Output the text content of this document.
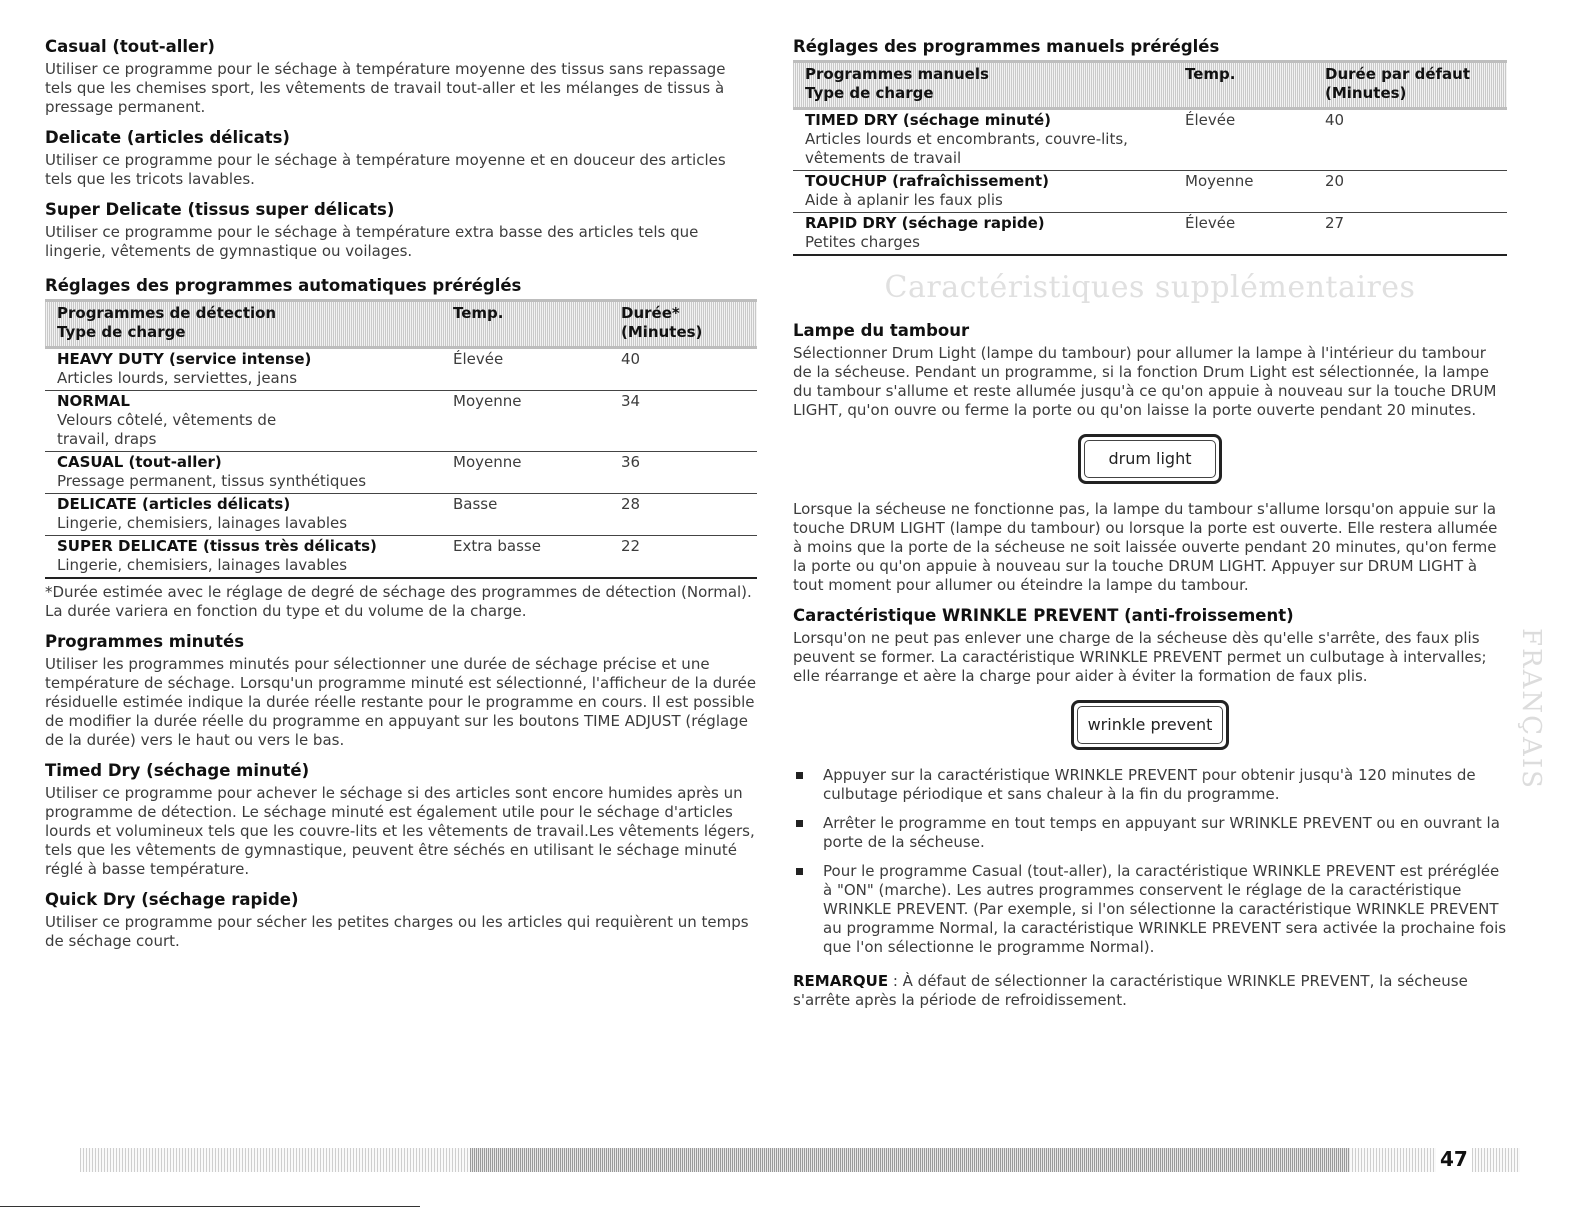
Casual (tout-aller)

Utiliser ce programme pour le séchage à température moyenne des tissus sans repassage tels que les chemises sport, les vêtements de travail tout-aller et les mélanges de tissus à pressage permanent.

Delicate (articles délicats)

Utiliser ce programme pour le séchage à température moyenne et en douceur des articles tels que les tricots lavables.

Super Delicate (tissus super délicats)

Utiliser ce programme pour le séchage à température extra basse des articles tels que lingerie, vêtements de gymnastique ou voilages.

Réglages des programmes automatiques préréglés
Programmes de détection
Type de charge
Temp.	Durée*
(Minutes)
HEAVY DUTY (service intense)
Articles lourds, serviettes, jeans
Élevée	40
NORMAL
Velours côtelé, vêtements de travail, draps
Moyenne	34
CASUAL (tout-aller)
Pressage permanent, tissus synthétiques
Moyenne	36
DELICATE (articles délicats)
Lingerie, chemisiers, lainages lavables
Basse	28
SUPER DELICATE (tissus très délicats)
Lingerie, chemisiers, lainages lavables
Extra basse	22

*Durée estimée avec le réglage de degré de séchage des programmes de détection (Normal). La durée variera en fonction du type et du volume de la charge.

Programmes minutés

Utiliser les programmes minutés pour sélectionner une durée de séchage précise et une température de séchage. Lorsqu'un programme minuté est sélectionné, l'afficheur de la durée résiduelle estimée indique la durée réelle restante pour le programme en cours. Il est possible de modifier la durée réelle du programme en appuyant sur les boutons TIME ADJUST (réglage de la durée) vers le haut ou vers le bas.

Timed Dry (séchage minuté)

Utiliser ce programme pour achever le séchage si des articles sont encore humides après un programme de détection. Le séchage minuté est également utile pour le séchage d'articles lourds et volumineux tels que les couvre-lits et les vêtements de travail.Les vêtements légers, tels que les vêtements de gymnastique, peuvent être séchés en utilisant le séchage minuté réglé à basse température.

Quick Dry (séchage rapide)

Utiliser ce programme pour sécher les petites charges ou les articles qui requièrent un temps de séchage court.

Réglages des programmes manuels préréglés
Programmes manuels
Type de charge
Temp.	Durée par défaut
(Minutes)
TIMED DRY (séchage minuté)
Articles lourds et encombrants, couvre-lits, vêtements de travail
Élevée	40
TOUCHUP (rafraîchissement)
Aide à aplanir les faux plis
Moyenne	20
RAPID DRY (séchage rapide)
Petites charges
Élevée	27
Caractéristiques supplémentaires
Lampe du tambour

Sélectionner Drum Light (lampe du tambour) pour allumer la lampe à l'intérieur du tambour de la sécheuse. Pendant un programme, si la fonction Drum Light est sélectionnée, la lampe du tambour s'allume et reste allumée jusqu'à ce qu'on appuie à nouveau sur la touche DRUM LIGHT, qu'on ouvre ou ferme la porte ou qu'on laisse la porte ouverte pendant 20 minutes.

drum light

Lorsque la sécheuse ne fonctionne pas, la lampe du tambour s'allume lorsqu'on appuie sur la touche DRUM LIGHT (lampe du tambour) ou lorsque la porte est ouverte. Elle restera allumée à moins que la porte de la sécheuse ne soit laissée ouverte pendant 20 minutes, qu'on ferme la porte ou qu'on appuie à nouveau sur la touche DRUM LIGHT. Appuyer sur DRUM LIGHT à tout moment pour allumer ou éteindre la lampe du tambour.

Caractéristique WRINKLE PREVENT (anti-froissement)

Lorsqu'on ne peut pas enlever une charge de la sécheuse dès qu'elle s'arrête, des faux plis peuvent se former. La caractéristique WRINKLE PREVENT permet un culbutage à intervalles; elle réarrange et aère la charge pour aider à éviter la formation de faux plis.

wrinkle prevent
Appuyer sur la caractéristique WRINKLE PREVENT pour obtenir jusqu'à 120 minutes de culbutage périodique et sans chaleur à la fin du programme.
Arrêter le programme en tout temps en appuyant sur WRINKLE PREVENT ou en ouvrant la porte de la sécheuse.
Pour le programme Casual (tout-aller), la caractéristique WRINKLE PREVENT est préréglée à "ON" (marche). Les autres programmes conservent le réglage de la caractéristique WRINKLE PREVENT. (Par exemple, si l'on sélectionne la caractéristique WRINKLE PREVENT au programme Normal, la caractéristique WRINKLE PREVENT sera activée la prochaine fois que l'on sélectionne le programme Normal).

REMARQUE : À défaut de sélectionner la caractéristique WRINKLE PREVENT, la sécheuse s'arrête après la période de refroidissement.

FRANÇAIS
47
